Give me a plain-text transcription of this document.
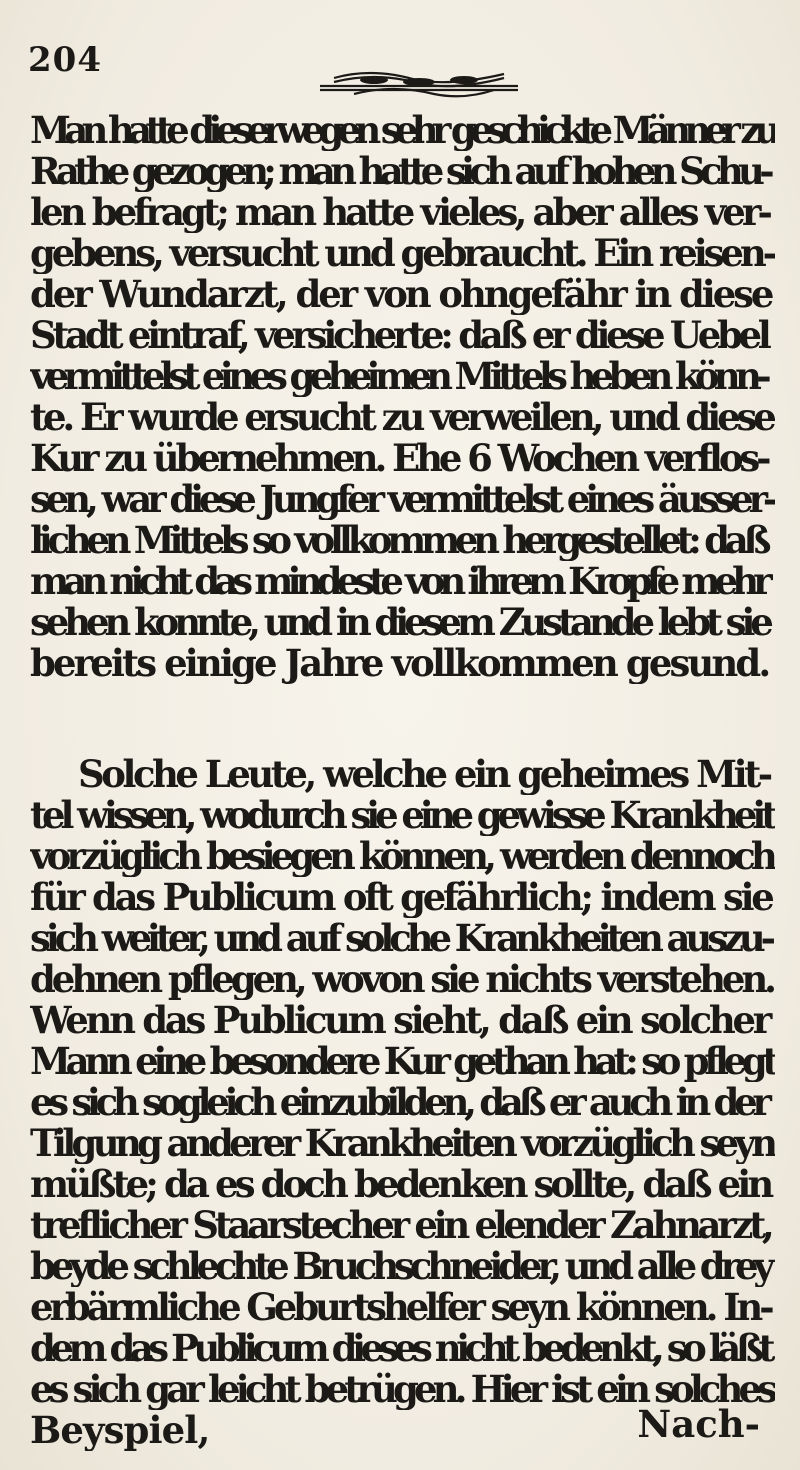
204
Man hatte dieserwegen sehr geschickte Männer zu
Rathe gezogen; man hatte sich auf hohen Schu-
len befragt; man hatte vieles, aber alles ver-
gebens, versucht und gebraucht. Ein reisen-
der Wundarzt, der von ohngefähr in diese
Stadt eintraf, versicherte: daß er diese Uebel
vermittelst eines geheimen Mittels heben könn-
te. Er wurde ersucht zu verweilen, und diese
Kur zu übernehmen. Ehe 6 Wochen verflos-
sen, war diese Jungfer vermittelst eines äusser-
lichen Mittels so vollkommen hergestellet: daß
man nicht das mindeste von ihrem Kropfe mehr
sehen konnte, und in diesem Zustande lebt sie
bereits einige Jahre vollkommen gesund.
Solche Leute, welche ein geheimes Mit-
tel wissen, wodurch sie eine gewisse Krankheit
vorzüglich besiegen können, werden dennoch
für das Publicum oft gefährlich; indem sie
sich weiter, und auf solche Krankheiten auszu-
dehnen pflegen, wovon sie nichts verstehen.
Wenn das Publicum sieht, daß ein solcher
Mann eine besondere Kur gethan hat: so pflegt
es sich sogleich einzubilden, daß er auch in der
Tilgung anderer Krankheiten vorzüglich seyn
müßte; da es doch bedenken sollte, daß ein
treflicher Staarstecher ein elender Zahnarzt,
beyde schlechte Bruchschneider, und alle drey
erbärmliche Geburtshelfer seyn können. In-
dem das Publicum dieses nicht bedenkt, so läßt
es sich gar leicht betrügen. Hier ist ein solches
Beyspiel,	Nach-
